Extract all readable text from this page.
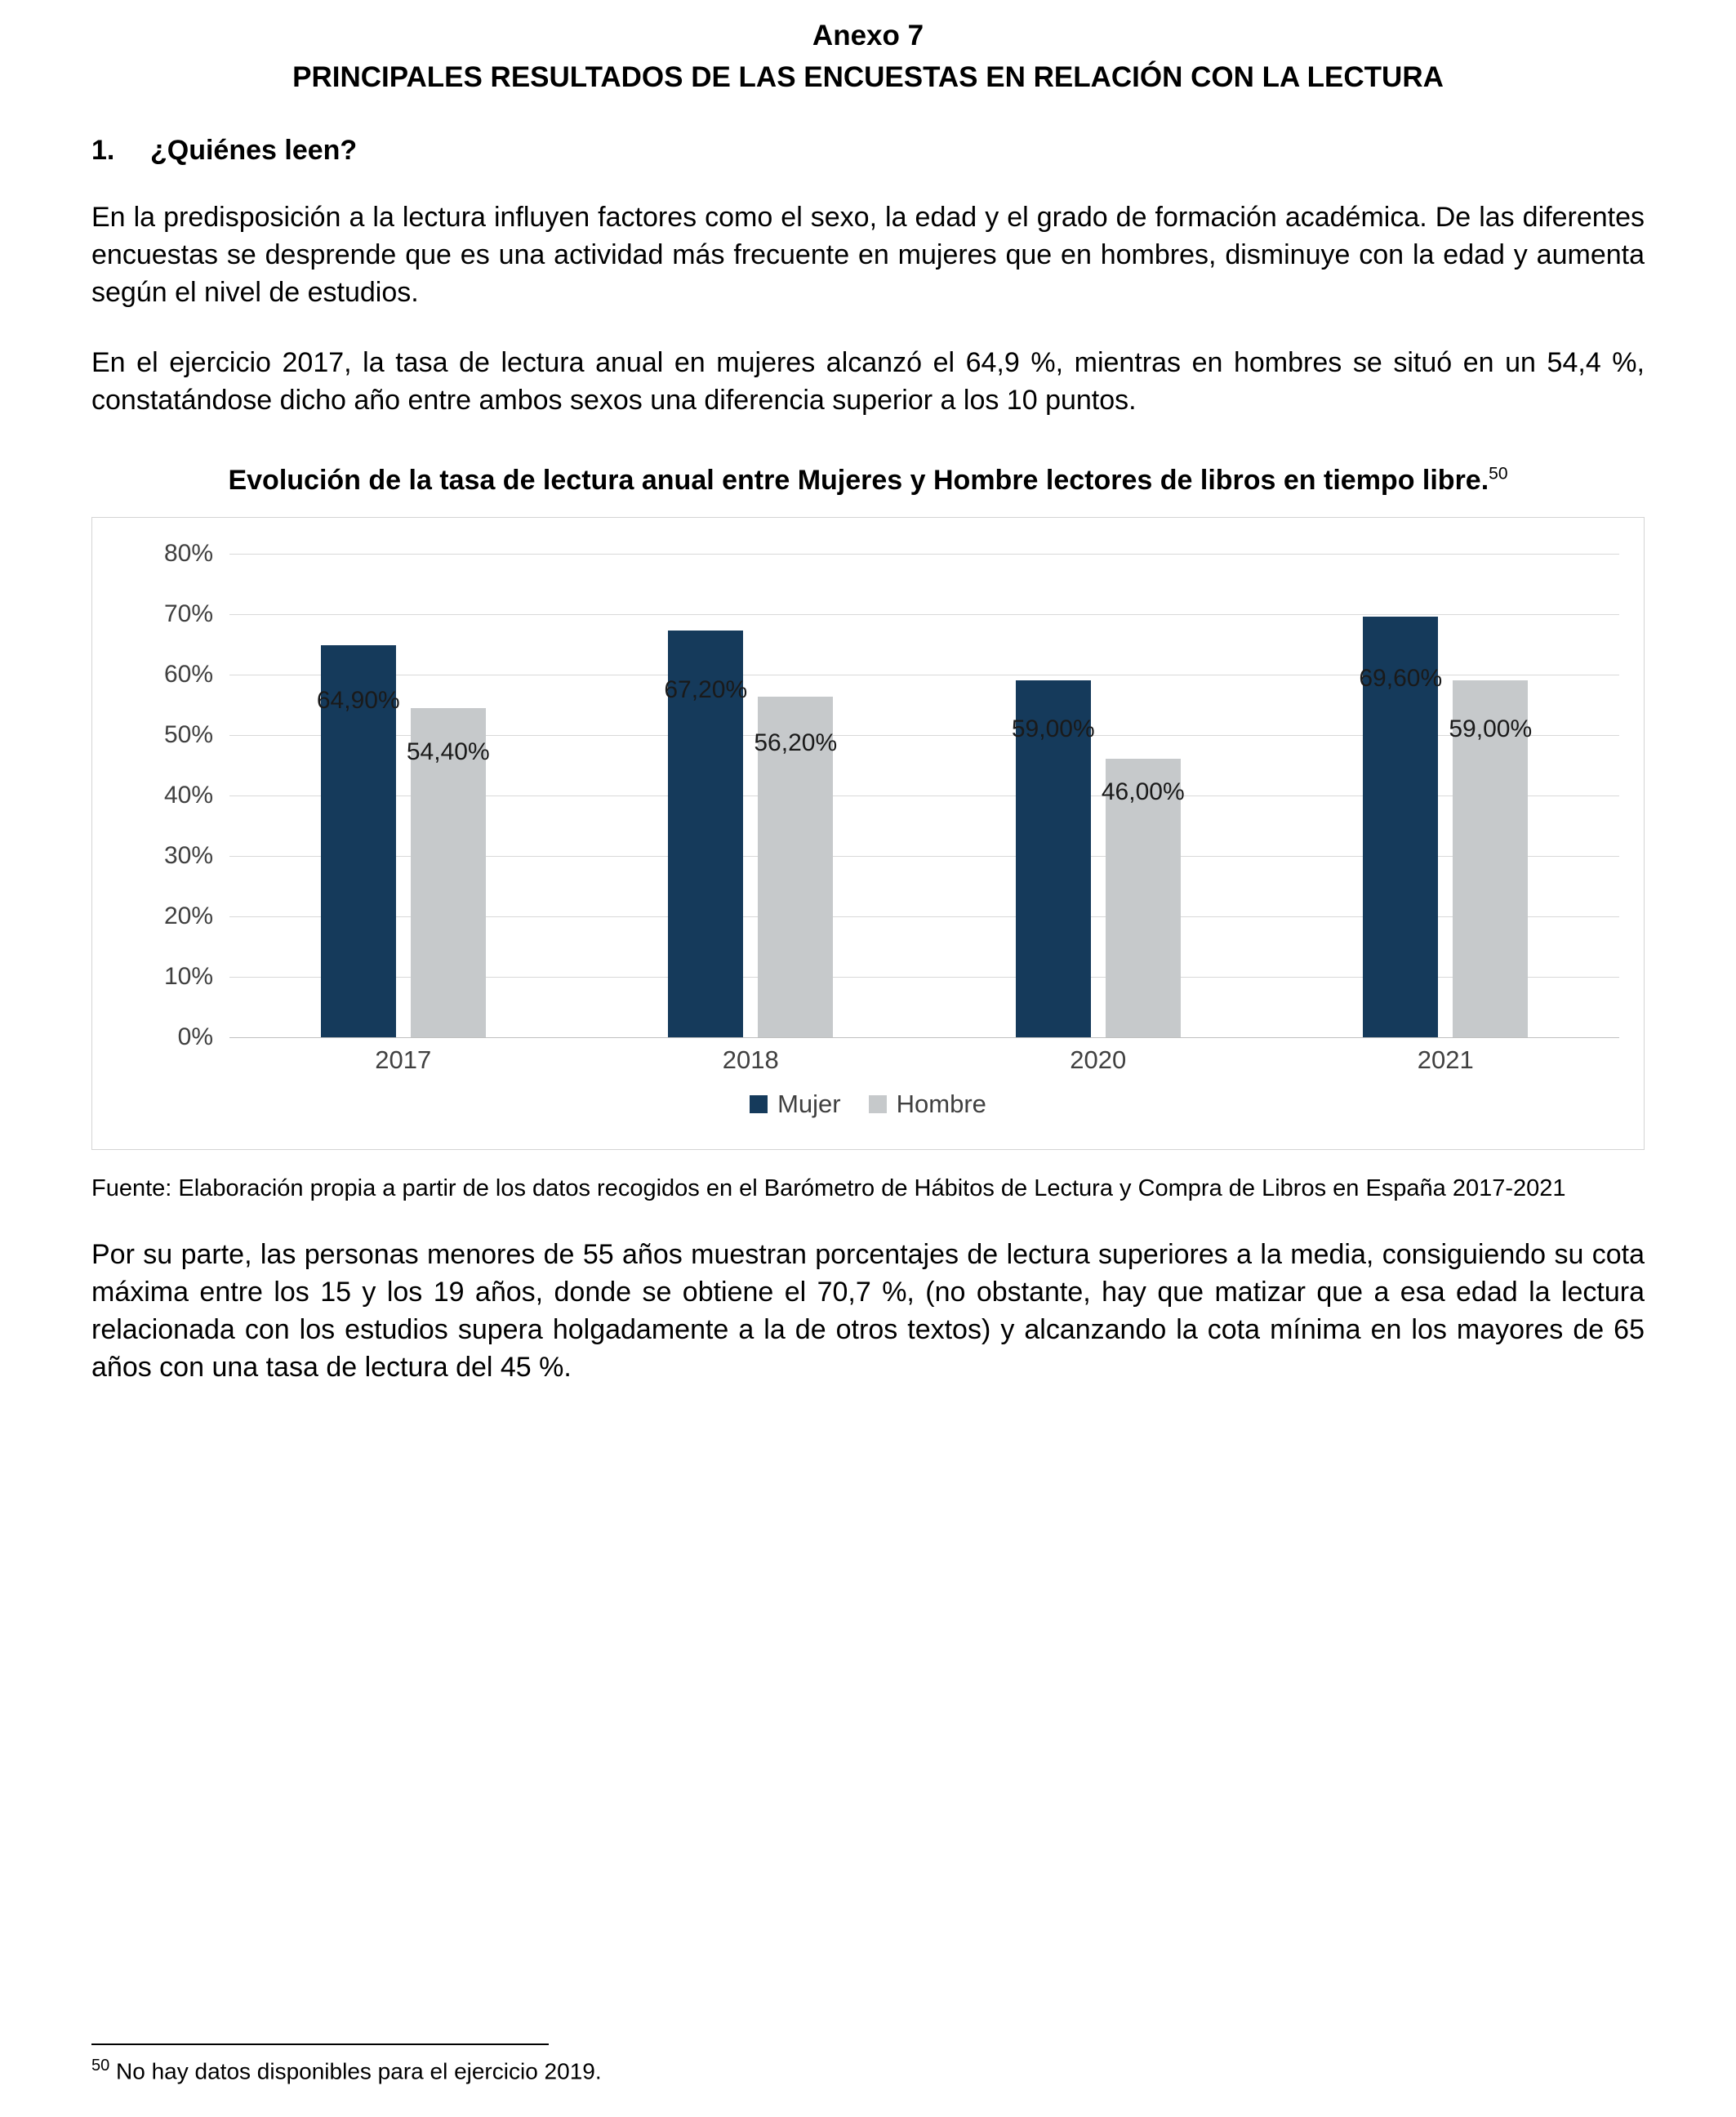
Anexo 7
PRINCIPALES RESULTADOS DE LAS ENCUESTAS EN RELACIÓN CON LA LECTURA
1. ¿Quiénes leen?

En la predisposición a la lectura influyen factores como el sexo, la edad y el grado de formación académica. De las diferentes encuestas se desprende que es una actividad más frecuente en mujeres que en hombres, disminuye con la edad y aumenta según el nivel de estudios.

En el ejercicio 2017, la tasa de lectura anual en mujeres alcanzó el 64,9 %, mientras en hombres se situó en un 54,4 %, constatándose dicho año entre ambos sexos una diferencia superior a los 10 puntos.

Evolución de la tasa de lectura anual entre Mujeres y Hombre lectores de libros en tiempo libre.$^{50}$
80%
70%
60%
50%
40%
30%
20%
10%
0%
64,90%
54,40%
67,20%
56,20%
59,00%
46,00%
69,60%
59,00%
2017	2018	2020	2021
Mujer Hombre

Fuente: Elaboración propia a partir de los datos recogidos en el Barómetro de Hábitos de Lectura y Compra de Libros en España 2017-2021

Por su parte, las personas menores de 55 años muestran porcentajes de lectura superiores a la media, consiguiendo su cota máxima entre los 15 y los 19 años, donde se obtiene el 70,7 %, (no obstante, hay que matizar que a esa edad la lectura relacionada con los estudios supera holgadamente a la de otros textos) y alcanzando la cota mínima en los mayores de 65 años con una tasa de lectura del 45 %.

$^{50}$ No hay datos disponibles para el ejercicio 2019.
